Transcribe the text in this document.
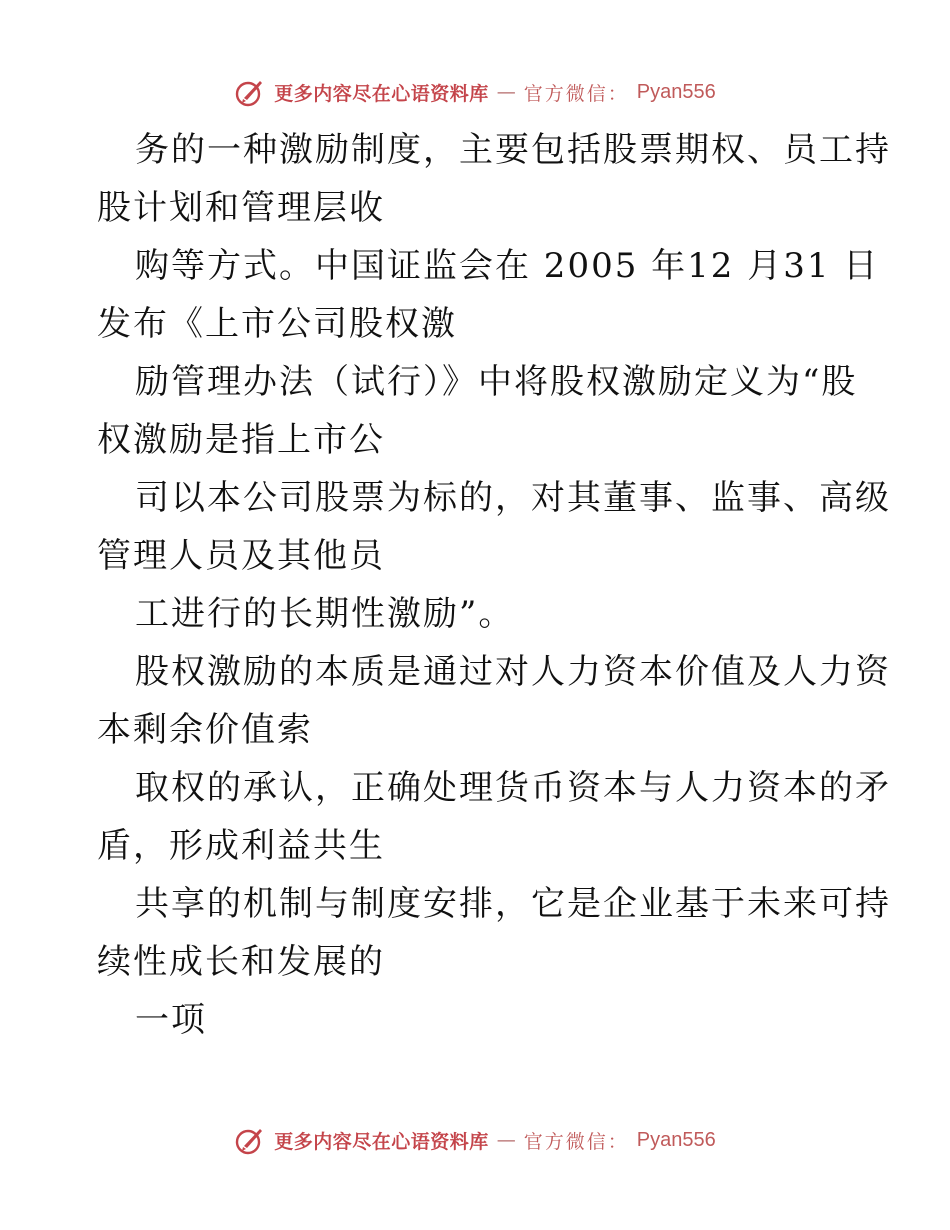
更多内容尽在心语资料库 — 官方微信： Pyan556
务的一种激励制度，主要包括股票期权、员工持
股计划和管理层收
购等方式。中国证监会在 2005 年12 月31 日
发布《上市公司股权激
励管理办法（试行）》中将股权激励定义为“股
权激励是指上市公
司以本公司股票为标的，对其董事、监事、高级
管理人员及其他员
工进行的长期性激励”。
股权激励的本质是通过对人力资本价值及人力资
本剩余价值索
取权的承认，正确处理货币资本与人力资本的矛
盾，形成利益共生
共享的机制与制度安排，它是企业基于未来可持
续性成长和发展的
一项
更多内容尽在心语资料库 — 官方微信： Pyan556
